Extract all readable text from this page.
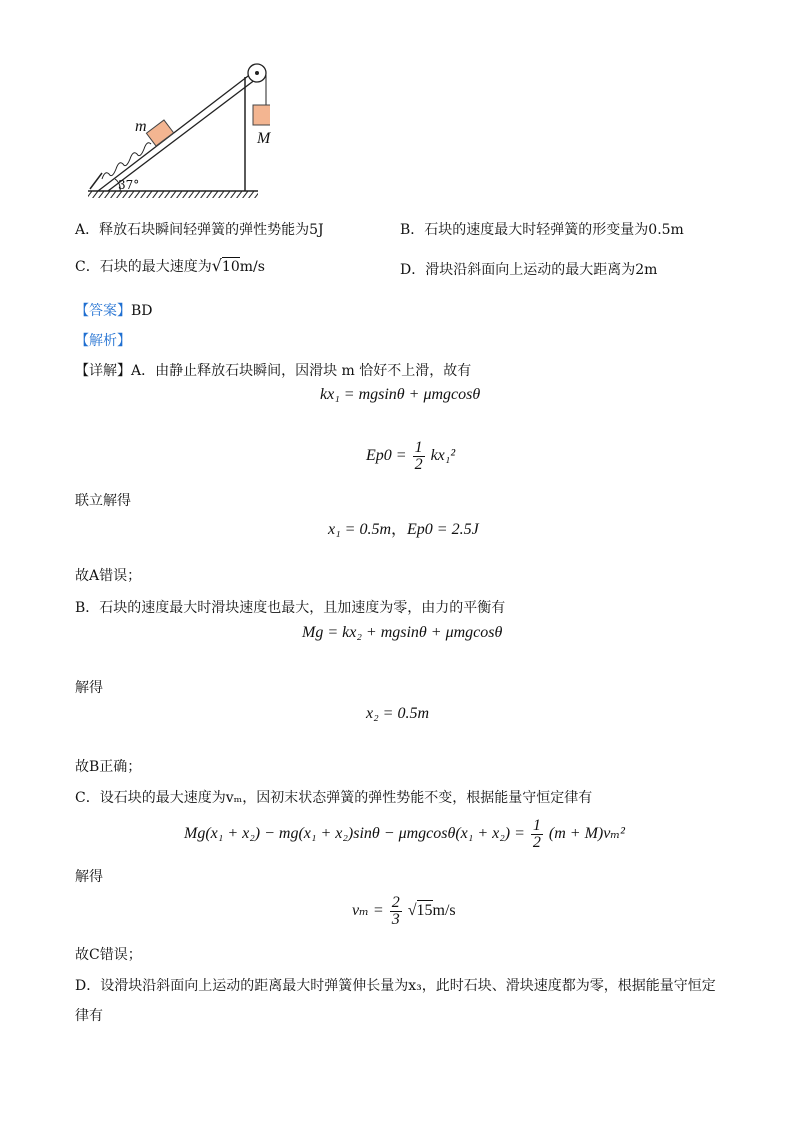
m
M
37°
A．释放石块瞬间轻弹簧的弹性势能为5J	B．石块的速度最大时轻弹簧的形变量为0.5m
C．石块的最大速度为√10m/s	D．滑块沿斜面向上运动的最大距离为2m
【答案】BD
【解析】
【详解】A．由静止释放石块瞬间，因滑块 m 恰好不上滑，故有
kx₁ = mgsinθ + μmgcosθ
$Ep0 = \frac{1}{2} kx_1^2$
联立解得
x₁ = 0.5m，Ep0 = 2.5J
故A错误；
B．石块的速度最大时滑块速度也最大，且加速度为零，由力的平衡有
Mg = kx₂ + mgsinθ + μmgcosθ
解得
x₂ = 0.5m
故B正确；
C．设石块的最大速度为vₘ，因初末状态弹簧的弹性势能不变，根据能量守恒定律有
$Mg(x_1 + x_2) - mg(x_1 + x_2)\sin\theta - \mu mgcos\theta(x_1 + x_2) = \frac{1}{2} (m + M)v_m^2$
解得
$v_m = \frac{2}{3} √15m/s$
故C错误；
D．设滑块沿斜面向上运动的距离最大时弹簧伸长量为x₃，此时石块、滑块速度都为零，根据能量守恒定
律有
